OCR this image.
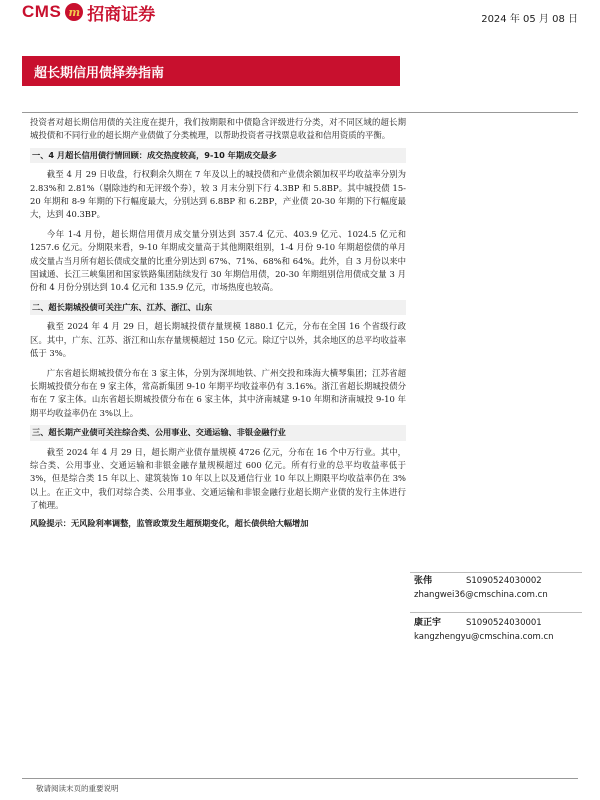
CMS m 招商证券	2024 年 05 月 08 日
超长期信用债择券指南

投资者对超长期信用债的关注度在提升，我们按期限和中债隐含评级进行分类，对不同区域的超长期城投债和不同行业的超长期产业债做了分类梳理，以帮助投资者寻找票息收益和信用资质的平衡。

一、4 月超长信用债行情回顾：成交热度较高，9-10 年期成交最多

截至 4 月 29 日收盘，行权剩余久期在 7 年及以上的城投债和产业债余额加权平均收益率分别为 2.83%和 2.81%（剔除违约和无评级个券），较 3 月末分别下行 4.3BP 和 5.8BP。其中城投债 15-20 年期和 8-9 年期的下行幅度最大，分别达到 6.8BP 和 6.2BP，产业债 20-30 年期的下行幅度最大，达到 40.3BP。

今年 1-4 月份，超长期信用债月成交量分别达到 357.4 亿元、403.9 亿元、1024.5 亿元和 1257.6 亿元。分期限来看，9-10 年期成交量高于其他期限组别，1-4 月份 9-10 年期超偿债的单月成交量占当月所有超长债成交量的比重分别达到 67%、71%、68%和 64%。此外，自 3 月份以来中国诚通、长江三峡集团和国家铁路集团陆续发行 30 年期信用债，20-30 年期组别信用债成交量 3 月份和 4 月份分别达到 10.4 亿元和 135.9 亿元，市场热度也较高。

二、超长期城投债可关注广东、江苏、浙江、山东

截至 2024 年 4 月 29 日，超长期城投债存量规模 1880.1 亿元，分布在全国 16 个省级行政区。其中，广东、江苏、浙江和山东存量规模超过 150 亿元。除辽宁以外，其余地区的总平均收益率低于 3%。

广东省超长期城投债分布在 3 家主体，分别为深圳地铁、广州交投和珠海大横琴集团；江苏省超长期城投债分布在 9 家主体，常高新集团 9-10 年期平均收益率仍有 3.16%。浙江省超长期城投债分布在 7 家主体。山东省超长期城投债分布在 6 家主体，其中济南城建 9-10 年期和济南城投 9-10 年期平均收益率仍在 3%以上。

三、超长期产业债可关注综合类、公用事业、交通运输、非银金融行业

截至 2024 年 4 月 29 日，超长期产业债存量规模 4726 亿元，分布在 16 个中万行业。其中，综合类、公用事业、交通运输和非银金融存量规模超过 600 亿元。所有行业的总平均收益率低于 3%，但是综合类 15 年以上、建筑装饰 10 年以上以及通信行业 10 年以上期限平均收益率仍在 3%以上。在正文中，我们对综合类、公用事业、交通运输和非银金融行业超长期产业债的发行主体进行了梳理。

风险提示：无风险利率调整，监管政策发生超预期变化，超长债供给大幅增加
张伟	S1090524030002
zhangwei36@cmschina.com.cn
康正宇	S1090524030001
kangzhengyu@cmschina.com.cn
敬请阅读末页的重要说明
